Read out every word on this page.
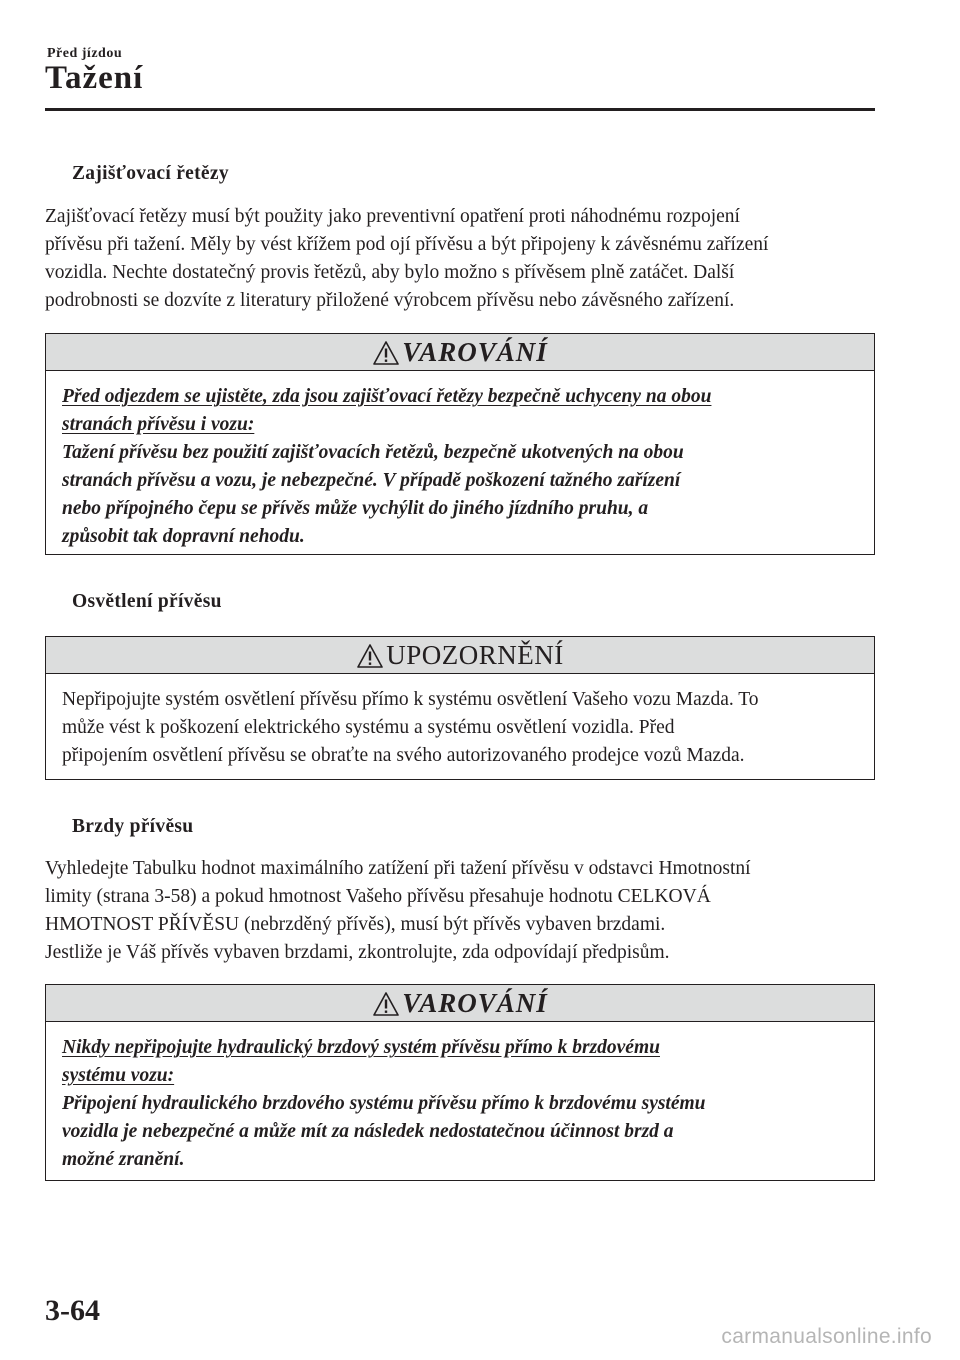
Před jízdou
Tažení
Zajišťovací řetězy

Zajišťovací řetězy musí být použity jako preventivní opatření proti náhodnému rozpojení

přívěsu při tažení. Měly by vést křížem pod ojí přívěsu a být připojeny k závěsnému zařízení

vozidla. Nechte dostatečný provis řetězů, aby bylo možno s přívěsem plně zatáčet. Další

podrobnosti se dozvíte z literatury přiložené výrobcem přívěsu nebo závěsného zařízení.

VAROVÁNÍ
Před odjezdem se ujistěte, zda jsou zajišťovací řetězy bezpečně uchyceny na obou
stranách přívěsu i vozu:
Tažení přívěsu bez použití zajišťovacích řetězů, bezpečně ukotvených na obou
stranách přívěsu a vozu, je nebezpečné. V případě poškození tažného zařízení
nebo přípojného čepu se přívěs může vychýlit do jiného jízdního pruhu, a
způsobit tak dopravní nehodu.
Osvětlení přívěsu
UPOZORNĚNÍ
Nepřipojujte systém osvětlení přívěsu přímo k systému osvětlení Vašeho vozu Mazda. To
může vést k poškození elektrického systému a systému osvětlení vozidla. Před
připojením osvětlení přívěsu se obraťte na svého autorizovaného prodejce vozů Mazda.
Brzdy přívěsu

Vyhledejte Tabulku hodnot maximálního zatížení při tažení přívěsu v odstavci Hmotnostní

limity (strana 3-58) a pokud hmotnost Vašeho přívěsu přesahuje hodnotu CELKOVÁ

HMOTNOST PŘÍVĚSU (nebrzděný přívěs), musí být přívěs vybaven brzdami.

Jestliže je Váš přívěs vybaven brzdami, zkontrolujte, zda odpovídají předpisům.

VAROVÁNÍ
Nikdy nepřipojujte hydraulický brzdový systém přívěsu přímo k brzdovému
systému vozu:
Připojení hydraulického brzdového systému přívěsu přímo k brzdovému systému
vozidla je nebezpečné a může mít za následek nedostatečnou účinnost brzd a
možné zranění.
3-64
carmanualsonline.info
